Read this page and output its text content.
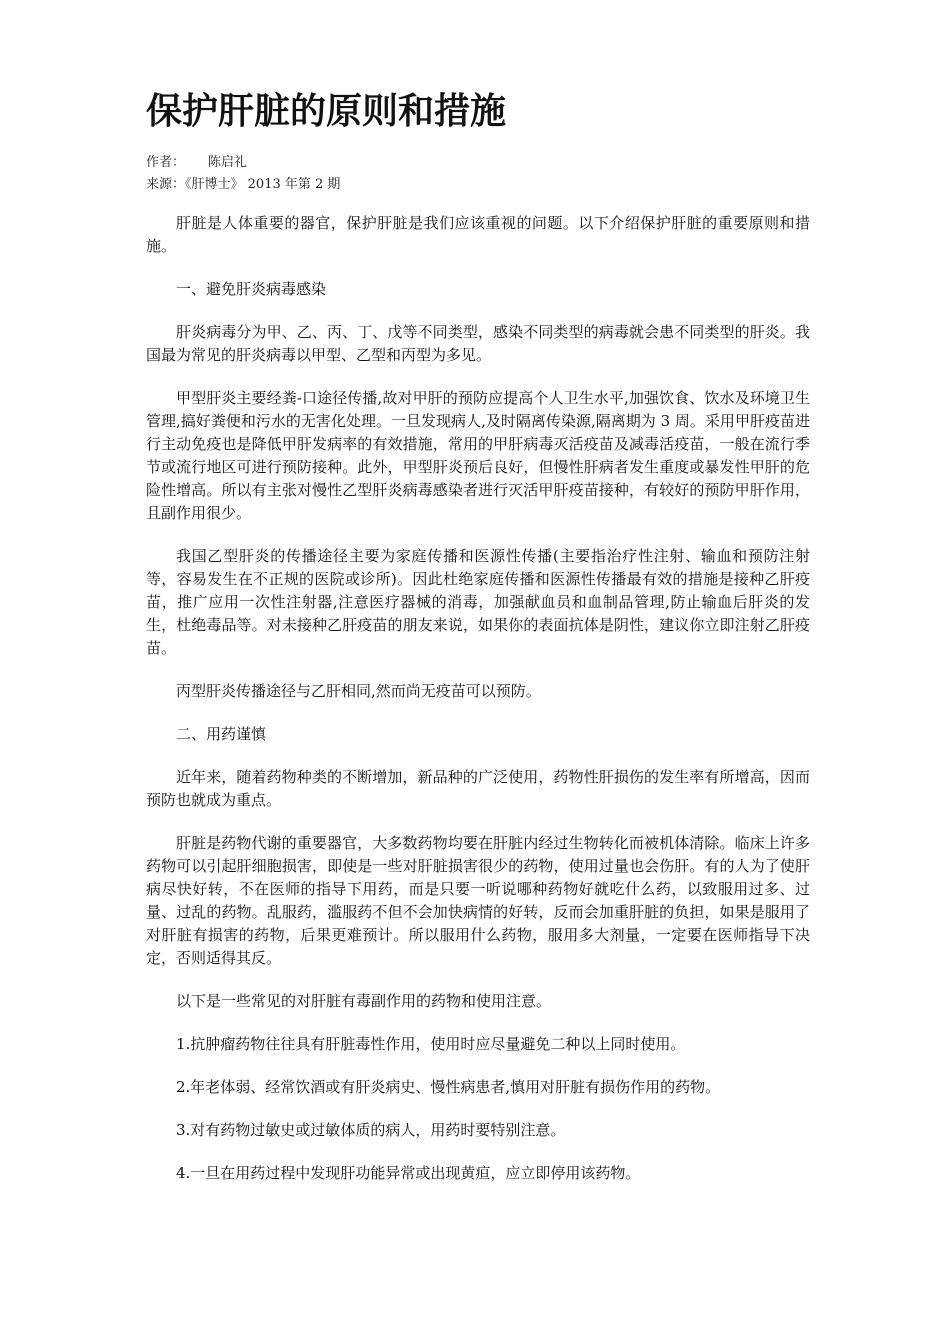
保护肝脏的原则和措施
作者： 陈启礼
来源：《肝博士》 2013 年第 2 期

肝脏是人体重要的器官，保护肝脏是我们应该重视的问题。以下介绍保护肝脏的重要原则和措施。

一、避免肝炎病毒感染

肝炎病毒分为甲、乙、丙、丁、戊等不同类型，感染不同类型的病毒就会患不同类型的肝炎。我国最为常见的肝炎病毒以甲型、乙型和丙型为多见。

甲型肝炎主要经粪-口途径传播,故对甲肝的预防应提高个人卫生水平,加强饮食、饮水及环境卫生管理,搞好粪便和污水的无害化处理。一旦发现病人,及时隔离传染源,隔离期为 3 周。采用甲肝疫苗进行主动免疫也是降低甲肝发病率的有效措施，常用的甲肝病毒灭活疫苗及减毒活疫苗，一般在流行季节或流行地区可进行预防接种。此外，甲型肝炎预后良好，但慢性肝病者发生重度或暴发性甲肝的危险性增高。所以有主张对慢性乙型肝炎病毒感染者进行灭活甲肝疫苗接种，有较好的预防甲肝作用，且副作用很少。

我国乙型肝炎的传播途径主要为家庭传播和医源性传播(主要指治疗性注射、输血和预防注射等，容易发生在不正规的医院或诊所)。因此杜绝家庭传播和医源性传播最有效的措施是接种乙肝疫苗，推广应用一次性注射器,注意医疗器械的消毒，加强献血员和血制品管理,防止输血后肝炎的发生，杜绝毒品等。对未接种乙肝疫苗的朋友来说，如果你的表面抗体是阴性，建议你立即注射乙肝疫苗。

丙型肝炎传播途径与乙肝相同,然而尚无疫苗可以预防。

二、用药谨慎

近年来，随着药物种类的不断增加，新品种的广泛使用，药物性肝损伤的发生率有所增高，因而预防也就成为重点。

肝脏是药物代谢的重要器官，大多数药物均要在肝脏内经过生物转化而被机体清除。临床上许多药物可以引起肝细胞损害，即使是一些对肝脏损害很少的药物，使用过量也会伤肝。有的人为了使肝病尽快好转，不在医师的指导下用药，而是只要一听说哪种药物好就吃什么药，以致服用过多、过量、过乱的药物。乱服药，滥服药不但不会加快病情的好转，反而会加重肝脏的负担，如果是服用了对肝脏有损害的药物，后果更难预计。所以服用什么药物，服用多大剂量，一定要在医师指导下决定，否则适得其反。

以下是一些常见的对肝脏有毒副作用的药物和使用注意。

1.抗肿瘤药物往往具有肝脏毒性作用，使用时应尽量避免二种以上同时使用。

2.年老体弱、经常饮酒或有肝炎病史、慢性病患者,慎用对肝脏有损伤作用的药物。

3.对有药物过敏史或过敏体质的病人，用药时要特别注意。

4.一旦在用药过程中发现肝功能异常或出现黄疸，应立即停用该药物。
